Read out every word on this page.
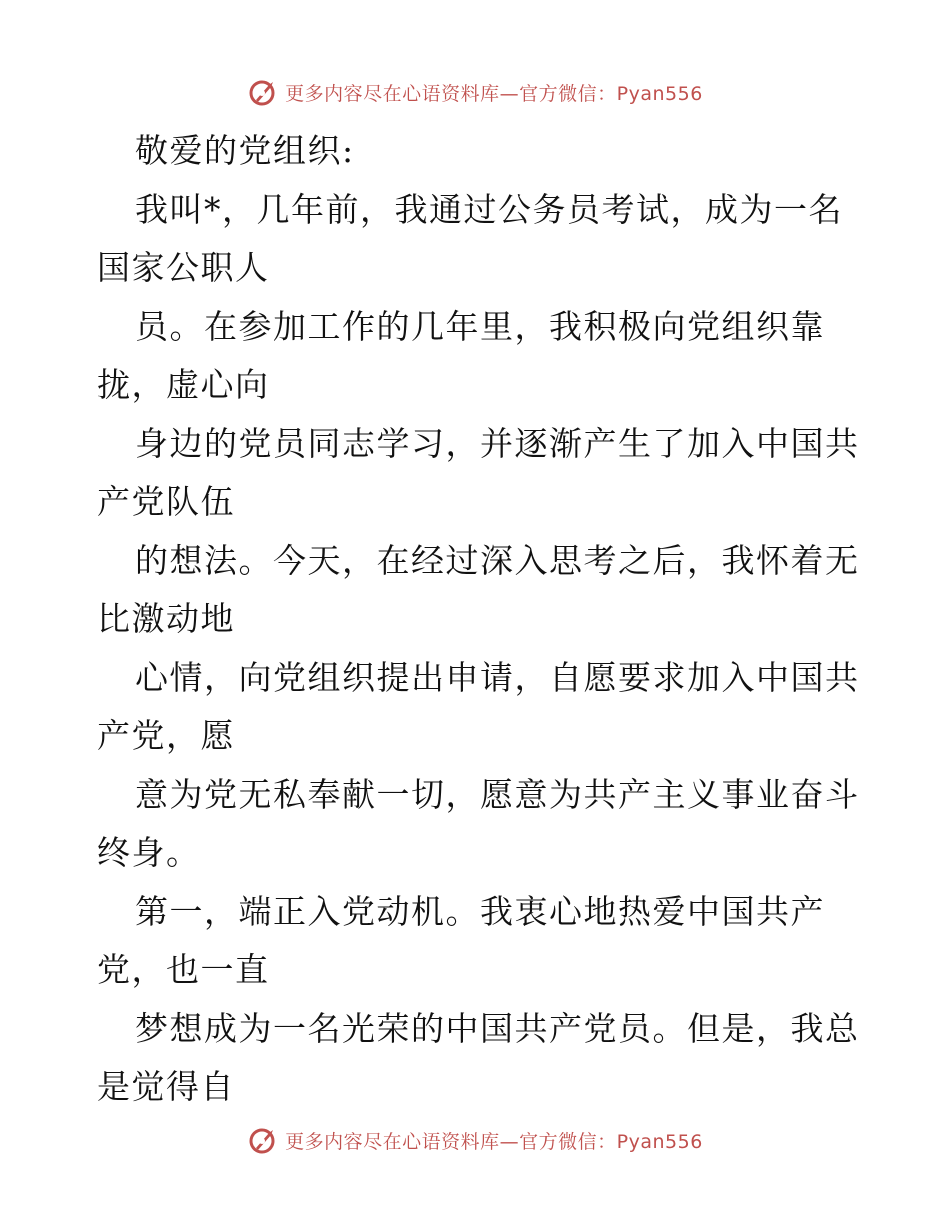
更多内容尽在心语资料库—官方微信：Pyan556
敬爱的党组织:
我叫*，几年前，我通过公务员考试，成为一名
国家公职人
员。在参加工作的几年里，我积极向党组织靠
拢，虚心向
身边的党员同志学习，并逐渐产生了加入中国共
产党队伍
的想法。今天，在经过深入思考之后，我怀着无
比激动地
心情，向党组织提出申请，自愿要求加入中国共
产党，愿
意为党无私奉献一切，愿意为共产主义事业奋斗
终身。
第一，端正入党动机。我衷心地热爱中国共产
党，也一直
梦想成为一名光荣的中国共产党员。但是，我总
是觉得自
更多内容尽在心语资料库—官方微信：Pyan556
